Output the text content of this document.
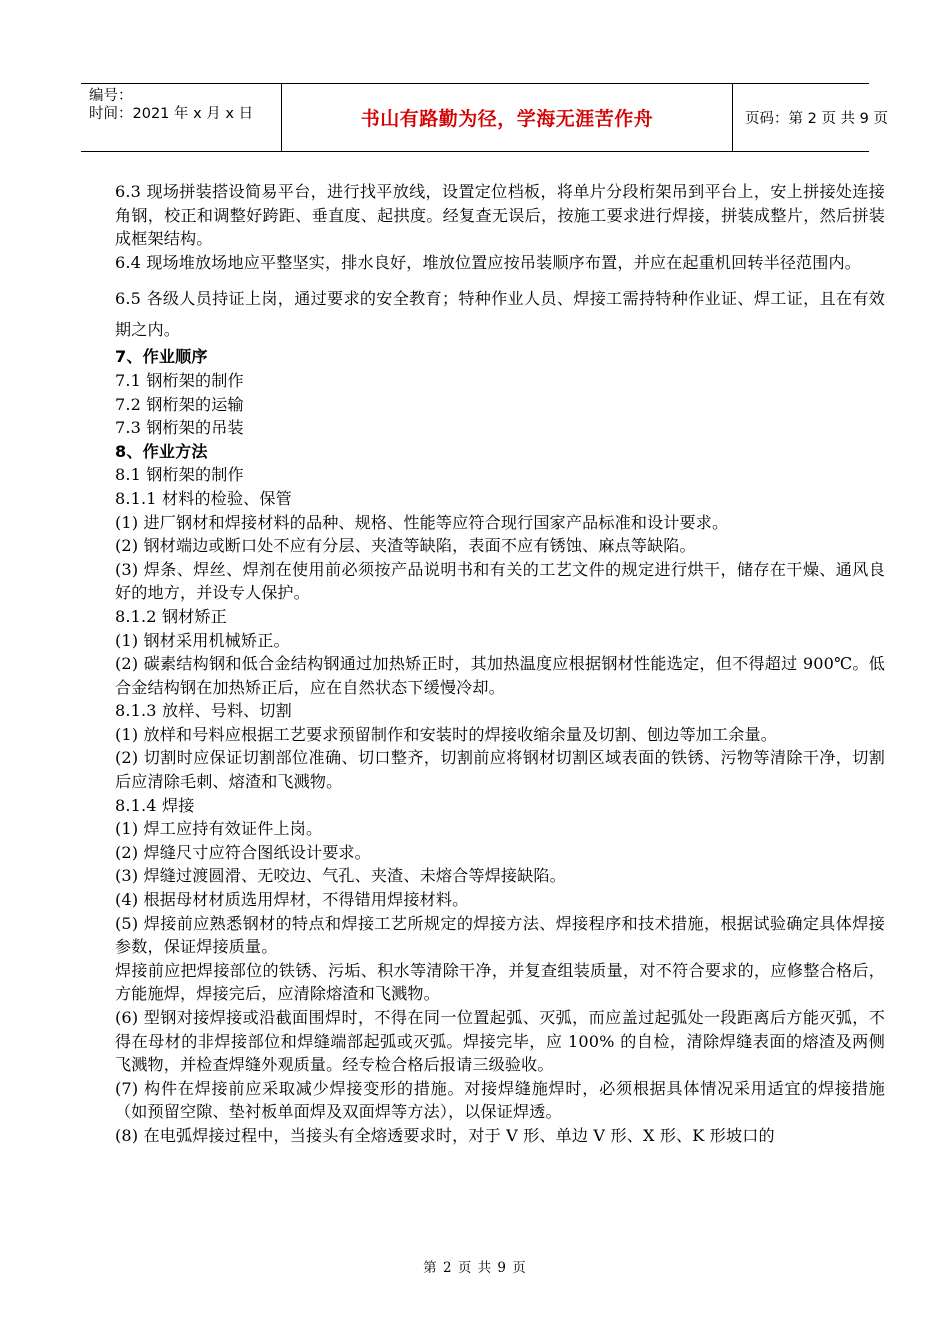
编号：
时间：2021 年 x 月 x 日	书山有路勤为径，学海无涯苦作舟	页码：第 2 页 共 9 页

6.3 现场拼装搭设简易平台，进行找平放线，设置定位档板，将单片分段桁架吊到平台上，安上拼接处连接角钢，校正和调整好跨距、垂直度、起拱度。经复查无误后，按施工要求进行焊接，拼装成整片，然后拼装成框架结构。

6.4 现场堆放场地应平整坚实，排水良好，堆放位置应按吊装顺序布置，并应在起重机回转半径范围内。

6.5 各级人员持证上岗，通过要求的安全教育；特种作业人员、焊接工需持特种作业证、焊工证，且在有效期之内。

7、作业顺序

7.1 钢桁架的制作

7.2 钢桁架的运输

7.3 钢桁架的吊装

8、作业方法

8.1 钢桁架的制作

8.1.1 材料的检验、保管

(1) 进厂钢材和焊接材料的品种、规格、性能等应符合现行国家产品标准和设计要求。

(2) 钢材端边或断口处不应有分层、夹渣等缺陷，表面不应有锈蚀、麻点等缺陷。

(3) 焊条、焊丝、焊剂在使用前必须按产品说明书和有关的工艺文件的规定进行烘干，储存在干燥、通风良好的地方，并设专人保护。

8.1.2 钢材矫正

(1) 钢材采用机械矫正。

(2) 碳素结构钢和低合金结构钢通过加热矫正时，其加热温度应根据钢材性能选定，但不得超过 900℃。低合金结构钢在加热矫正后，应在自然状态下缓慢冷却。

8.1.3 放样、号料、切割

(1) 放样和号料应根据工艺要求预留制作和安装时的焊接收缩余量及切割、刨边等加工余量。

(2) 切割时应保证切割部位准确、切口整齐，切割前应将钢材切割区域表面的铁锈、污物等清除干净，切割后应清除毛刺、熔渣和飞溅物。

8.1.4 焊接

(1) 焊工应持有效证件上岗。

(2) 焊缝尺寸应符合图纸设计要求。

(3) 焊缝过渡圆滑、无咬边、气孔、夹渣、未熔合等焊接缺陷。

(4) 根据母材材质选用焊材，不得错用焊接材料。

(5) 焊接前应熟悉钢材的特点和焊接工艺所规定的焊接方法、焊接程序和技术措施，根据试验确定具体焊接参数，保证焊接质量。

焊接前应把焊接部位的铁锈、污垢、积水等清除干净，并复查组装质量，对不符合要求的，应修整合格后，方能施焊，焊接完后，应清除熔渣和飞溅物。

(6) 型钢对接焊接或沿截面围焊时，不得在同一位置起弧、灭弧，而应盖过起弧处一段距离后方能灭弧，不得在母材的非焊接部位和焊缝端部起弧或灭弧。焊接完毕，应 100% 的自检，清除焊缝表面的熔渣及两侧飞溅物，并检查焊缝外观质量。经专检合格后报请三级验收。

(7) 构件在焊接前应采取减少焊接变形的措施。对接焊缝施焊时，必须根据具体情况采用适宜的焊接措施（如预留空隙、垫衬板单面焊及双面焊等方法），以保证焊透。

(8) 在电弧焊接过程中，当接头有全熔透要求时，对于 V 形、单边 V 形、X 形、K 形坡口的

第 2 页 共 9 页
